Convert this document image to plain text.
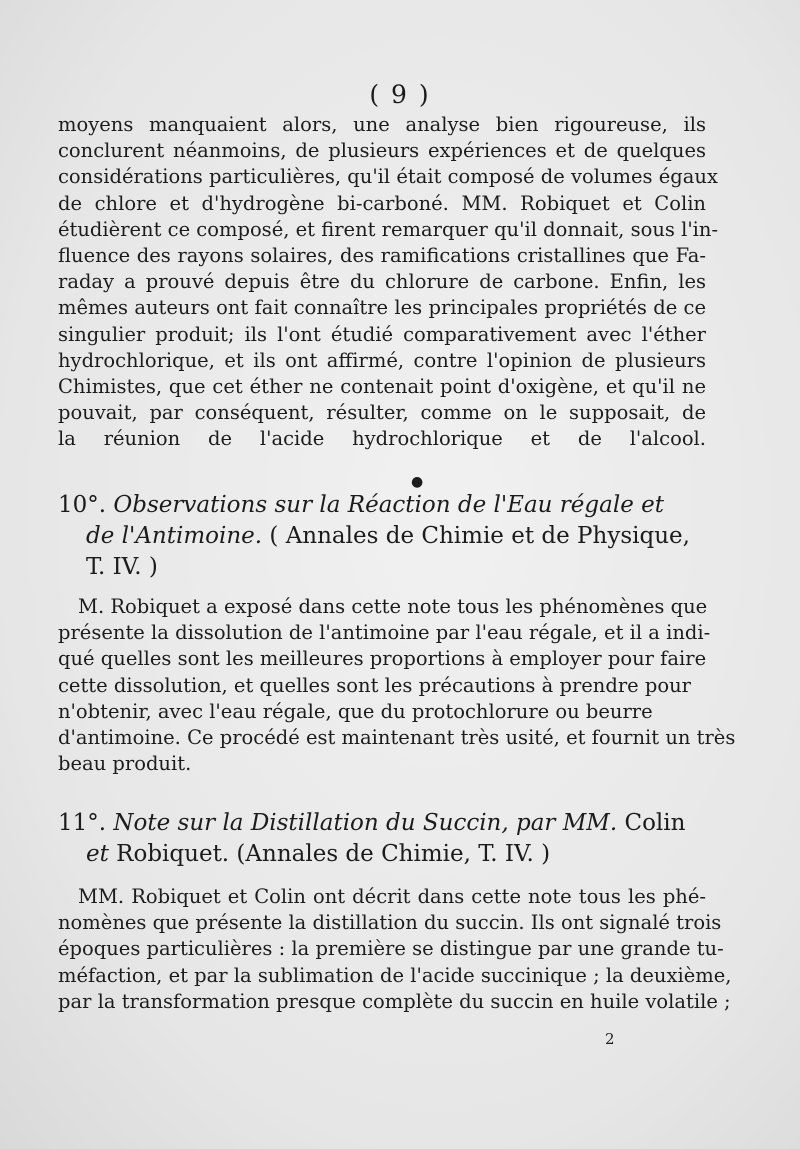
( 9 )
moyens manquaient alors, une analyse bien rigoureuse, ils
conclurent néanmoins, de plusieurs expériences et de quelques
considérations particulières, qu'il était composé de volumes égaux
de chlore et d'hydrogène bi-carboné. MM. Robiquet et Colin
étudièrent ce composé, et firent remarquer qu'il donnait, sous l'in-
fluence des rayons solaires, des ramifications cristallines que Fa-
raday a prouvé depuis être du chlorure de carbone. Enfin, les
mêmes auteurs ont fait connaître les principales propriétés de ce
singulier produit; ils l'ont étudié comparativement avec l'éther
hydrochlorique, et ils ont affirmé, contre l'opinion de plusieurs
Chimistes, que cet éther ne contenait point d'oxigène, et qu'il ne
pouvait, par conséquent, résulter, comme on le supposait, de
la réunion de l'acide hydrochlorique et de l'alcool.
●
10°. Observations sur la Réaction de l'Eau régale et
de l'Antimoine. ( Annales de Chimie et de Physique,
T. IV. )
M. Robiquet a exposé dans cette note tous les phénomènes que
présente la dissolution de l'antimoine par l'eau régale, et il a indi-
qué quelles sont les meilleures proportions à employer pour faire
cette dissolution, et quelles sont les précautions à prendre pour
n'obtenir, avec l'eau régale, que du protochlorure ou beurre
d'antimoine. Ce procédé est maintenant très usité, et fournit un très
beau produit.
11°. Note sur la Distillation du Succin, par MM. Colin
et Robiquet. (Annales de Chimie, T. IV. )
MM. Robiquet et Colin ont décrit dans cette note tous les phé-
nomènes que présente la distillation du succin. Ils ont signalé trois
époques particulières : la première se distingue par une grande tu-
méfaction, et par la sublimation de l'acide succinique ; la deuxième,
par la transformation presque complète du succin en huile volatile ;
2
